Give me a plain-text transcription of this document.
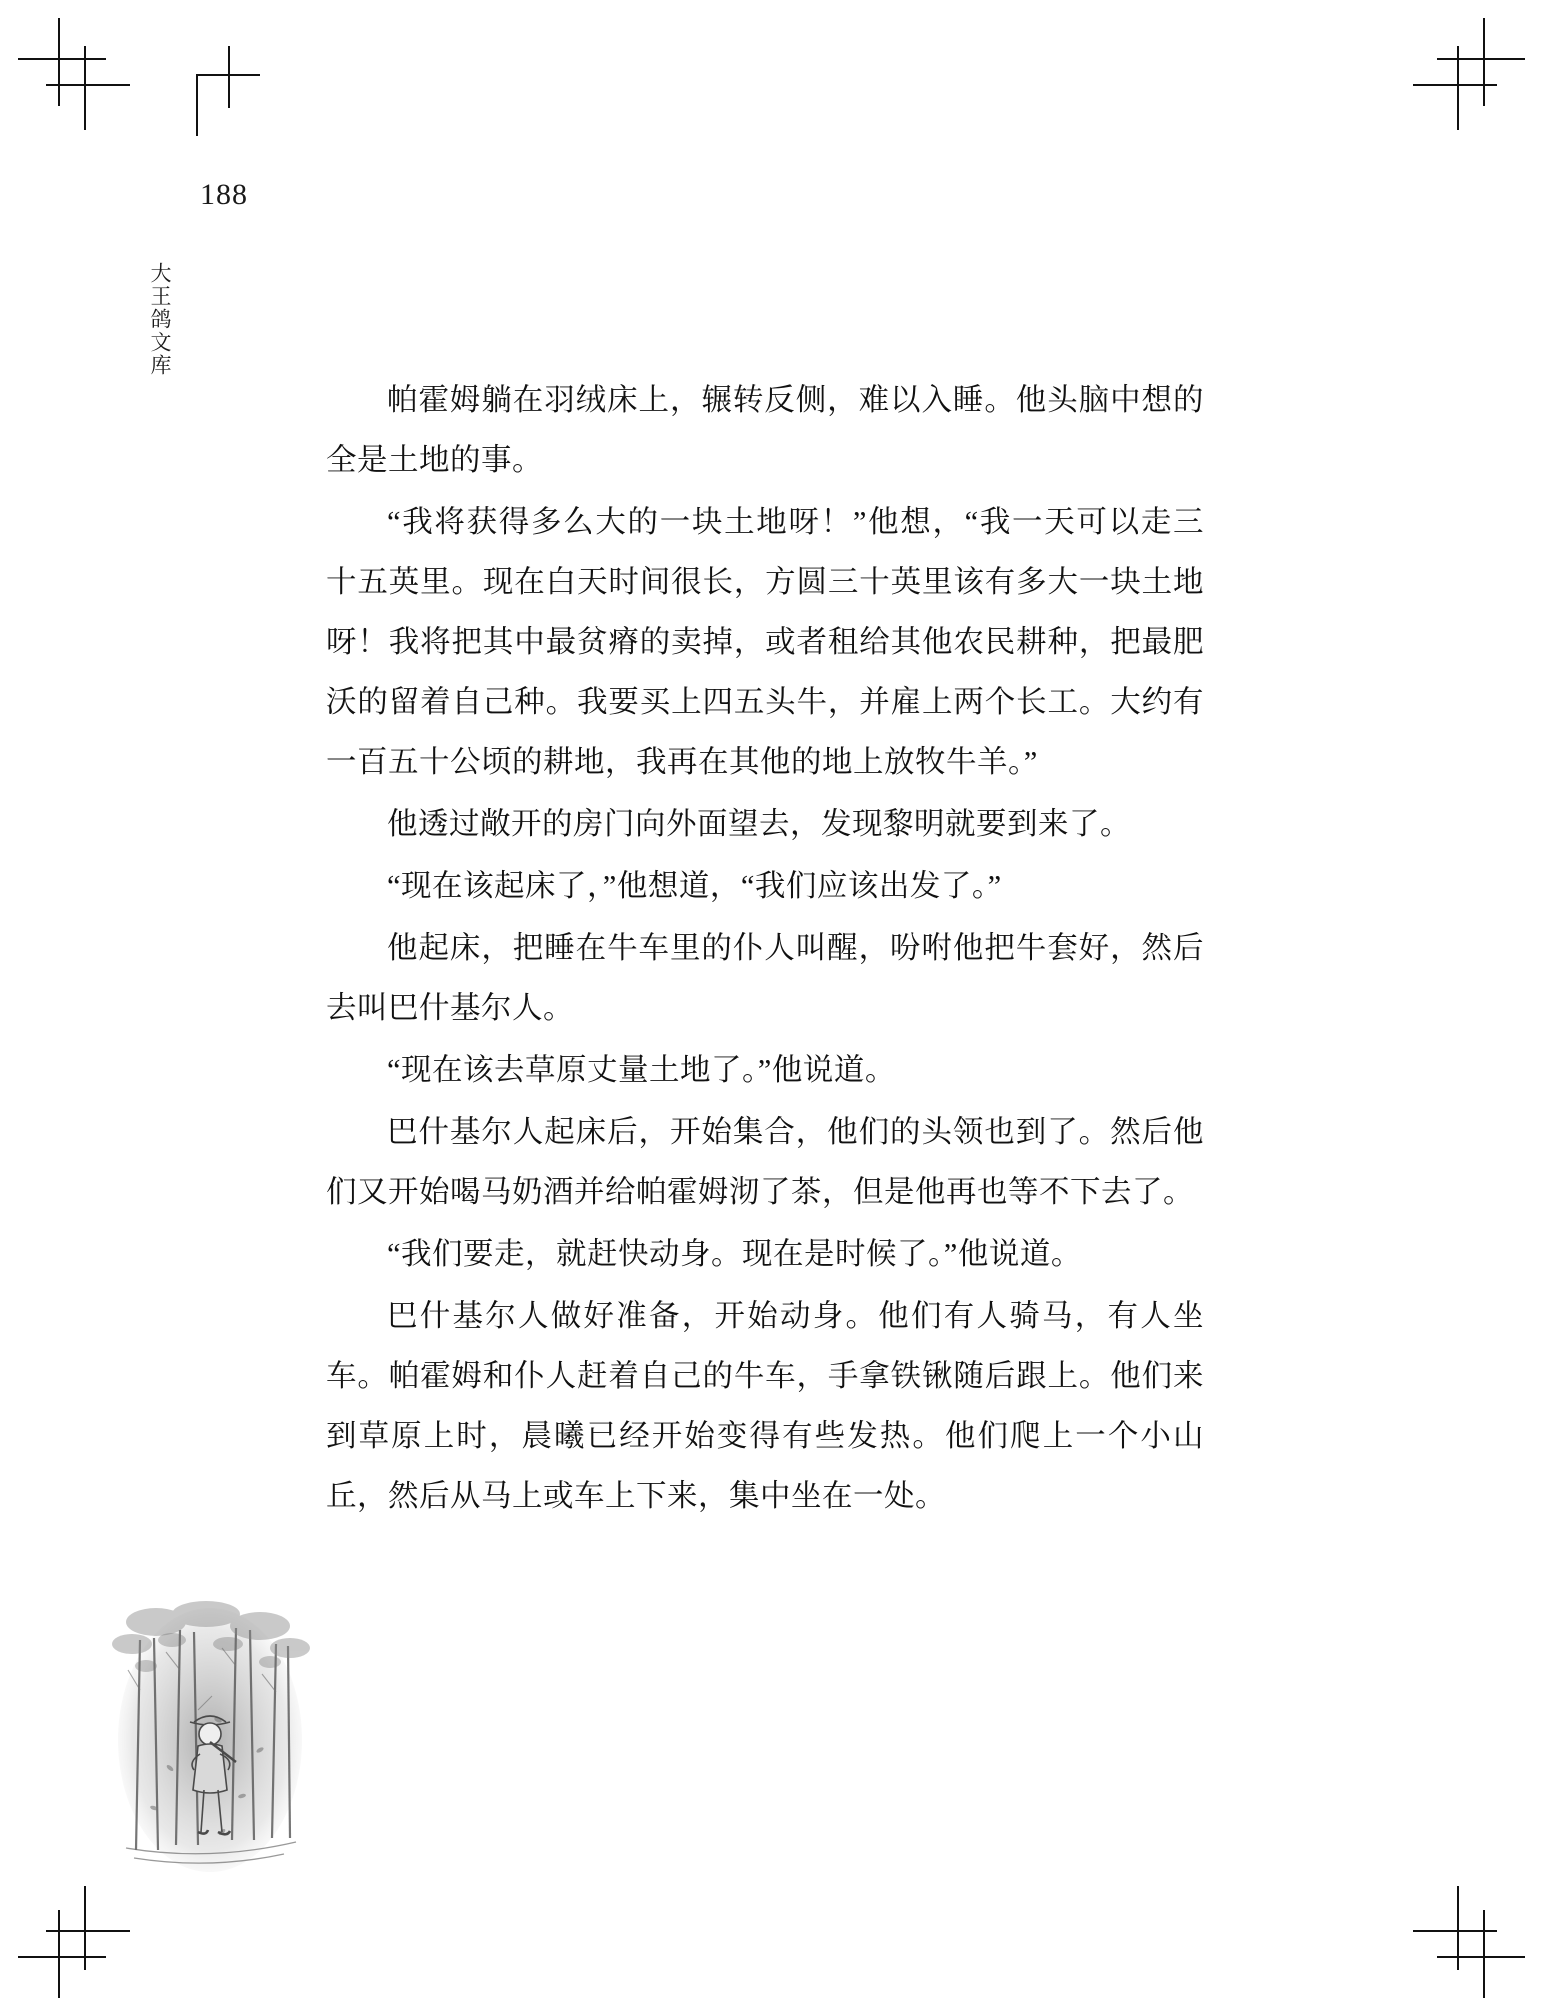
188
大王鸽文库

帕霍姆躺在羽绒床上，辗转反侧，难以入睡。他头脑中想的全是土地的事。

“我将获得多么大的一块土地呀！”他想，“我一天可以走三十五英里。现在白天时间很长，方圆三十英里该有多大一块土地呀！我将把其中最贫瘠的卖掉，或者租给其他农民耕种，把最肥沃的留着自己种。我要买上四五头牛，并雇上两个长工。大约有一百五十公顷的耕地，我再在其他的地上放牧牛羊。”

他透过敞开的房门向外面望去，发现黎明就要到来了。

“现在该起床了，”他想道，“我们应该出发了。”

他起床，把睡在牛车里的仆人叫醒，吩咐他把牛套好，然后去叫巴什基尔人。

“现在该去草原丈量土地了。”他说道。

巴什基尔人起床后，开始集合，他们的头领也到了。然后他们又开始喝马奶酒并给帕霍姆沏了茶，但是他再也等不下去了。

“我们要走，就赶快动身。现在是时候了。”他说道。

巴什基尔人做好准备，开始动身。他们有人骑马，有人坐车。帕霍姆和仆人赶着自己的牛车，手拿铁锹随后跟上。他们来到草原上时，晨曦已经开始变得有些发热。他们爬上一个小山丘，然后从马上或车上下来，集中坐在一处。
